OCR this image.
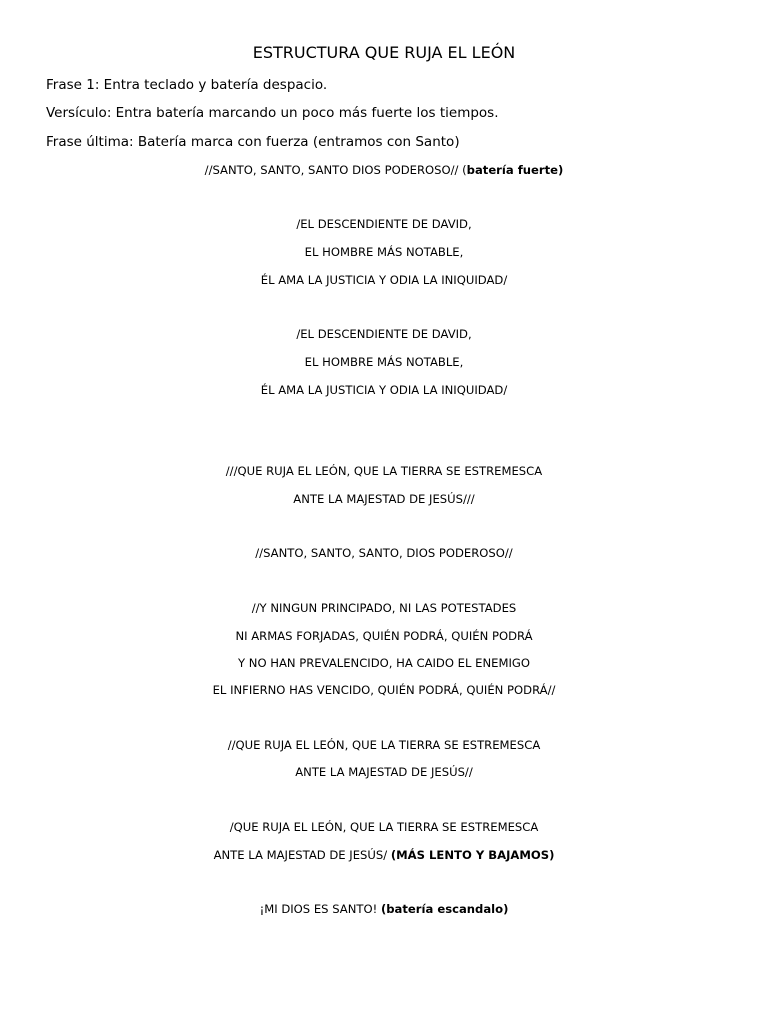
ESTRUCTURA QUE RUJA EL LEÓN

Frase 1: Entra teclado y batería despacio.

Versículo: Entra batería marcando un poco más fuerte los tiempos.

Frase última: Batería marca con fuerza (entramos con Santo)

//SANTO, SANTO, SANTO DIOS PODEROSO// (batería fuerte)

/EL DESCENDIENTE DE DAVID,

EL HOMBRE MÁS NOTABLE,

ÉL AMA LA JUSTICIA Y ODIA LA INIQUIDAD/

/EL DESCENDIENTE DE DAVID,

EL HOMBRE MÁS NOTABLE,

ÉL AMA LA JUSTICIA Y ODIA LA INIQUIDAD/

///QUE RUJA EL LEÓN, QUE LA TIERRA SE ESTREMESCA

ANTE LA MAJESTAD DE JESÚS///

//SANTO, SANTO, SANTO, DIOS PODEROSO//

//Y NINGUN PRINCIPADO, NI LAS POTESTADES

NI ARMAS FORJADAS, QUIÉN PODRÁ, QUIÉN PODRÁ

Y NO HAN PREVALENCIDO, HA CAIDO EL ENEMIGO

EL INFIERNO HAS VENCIDO, QUIÉN PODRÁ, QUIÉN PODRÁ//

//QUE RUJA EL LEÓN, QUE LA TIERRA SE ESTREMESCA

ANTE LA MAJESTAD DE JESÚS//

/QUE RUJA EL LEÓN, QUE LA TIERRA SE ESTREMESCA

ANTE LA MAJESTAD DE JESÚS/ (MÁS LENTO Y BAJAMOS)

¡MI DIOS ES SANTO! (batería escandalo)
